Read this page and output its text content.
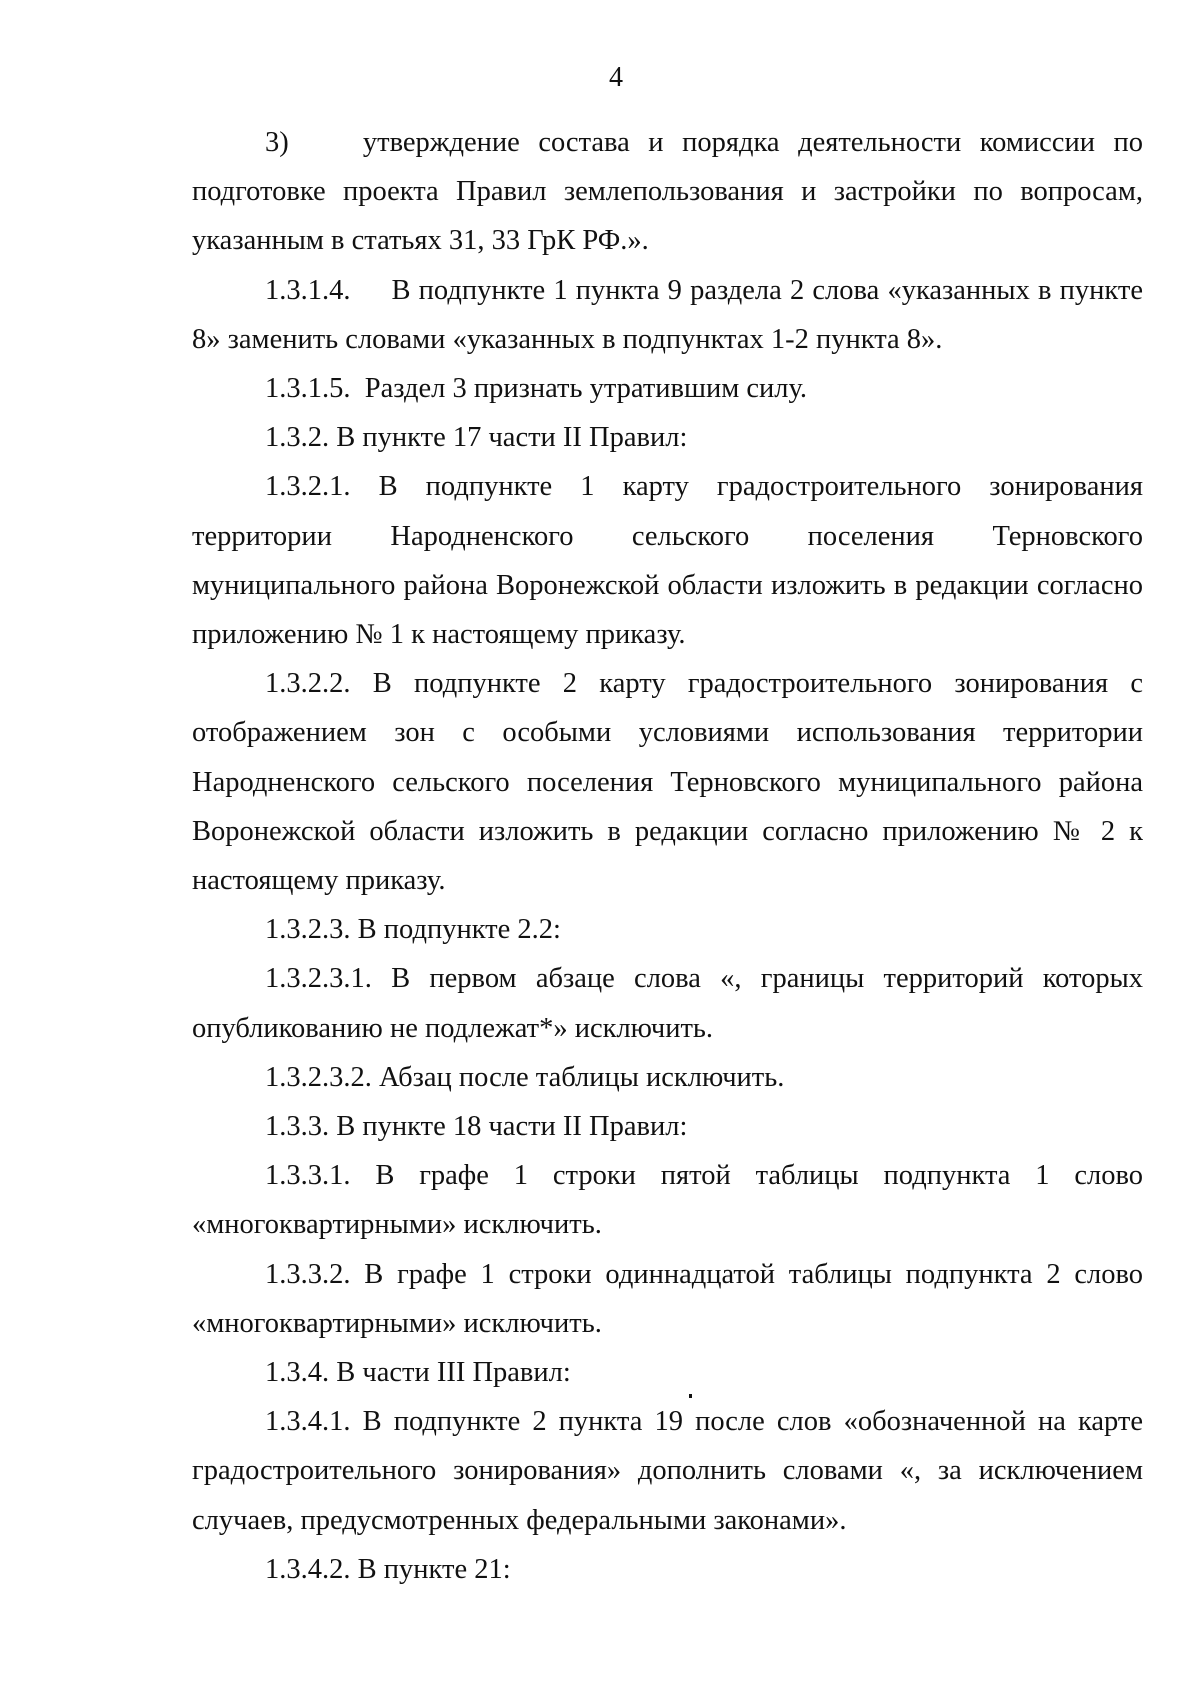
4

3)    утверждение состава и порядка деятельности комиссии по подготовке проекта Правил землепользования и застройки по вопросам, указанным в статьях 31, 33 ГрК РФ.».

1.3.1.4.     В подпункте 1 пункта 9 раздела 2 слова «указанных в пункте 8» заменить словами «указанных в подпунктах 1-2 пункта 8».

1.3.1.5.  Раздел 3 признать утратившим силу.

1.3.2. В пункте 17 части II Правил:

1.3.2.1. В подпункте 1 карту градостроительного зонирования территории Народненского сельского поселения Терновского муниципального района Воронежской области изложить в редакции согласно приложению № 1 к настоящему приказу.

1.3.2.2. В подпункте 2 карту градостроительного зонирования с отображением зон с особыми условиями использования территории Народненского сельского поселения Терновского муниципального района Воронежской области изложить в редакции согласно приложению № 2 к настоящему приказу.

1.3.2.3. В подпункте 2.2:

1.3.2.3.1. В первом абзаце слова «, границы территорий которых опубликованию не подлежат*» исключить.

1.3.2.3.2. Абзац после таблицы исключить.

1.3.3. В пункте 18 части II Правил:

1.3.3.1. В графе 1 строки пятой таблицы подпункта 1 слово «многоквартирными» исключить.

1.3.3.2. В графе 1 строки одиннадцатой таблицы подпункта 2 слово «многоквартирными» исключить.

1.3.4. В части III Правил:

1.3.4.1. В подпункте 2 пункта 19 после слов «обозначенной на карте градостроительного зонирования» дополнить словами «, за исключением случаев, предусмотренных федеральными законами».

1.3.4.2. В пункте 21:
